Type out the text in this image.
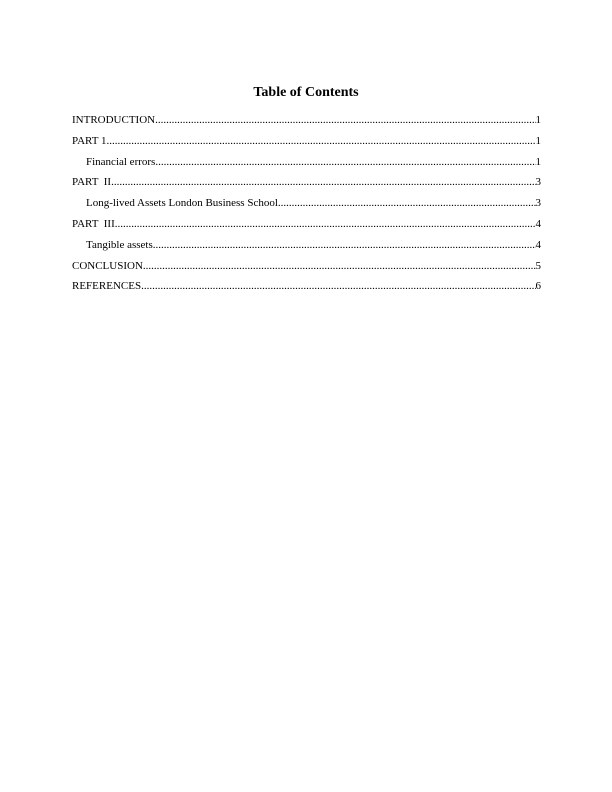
Table of Contents
INTRODUCTION .....	1
PART 1 .....	1
Financial errors .....	1
PART  II .....	3
Long-lived Assets London Business School .....	3
PART  III .....	4
Tangible assets .....	4
CONCLUSION .....	5
REFERENCES .....	6
